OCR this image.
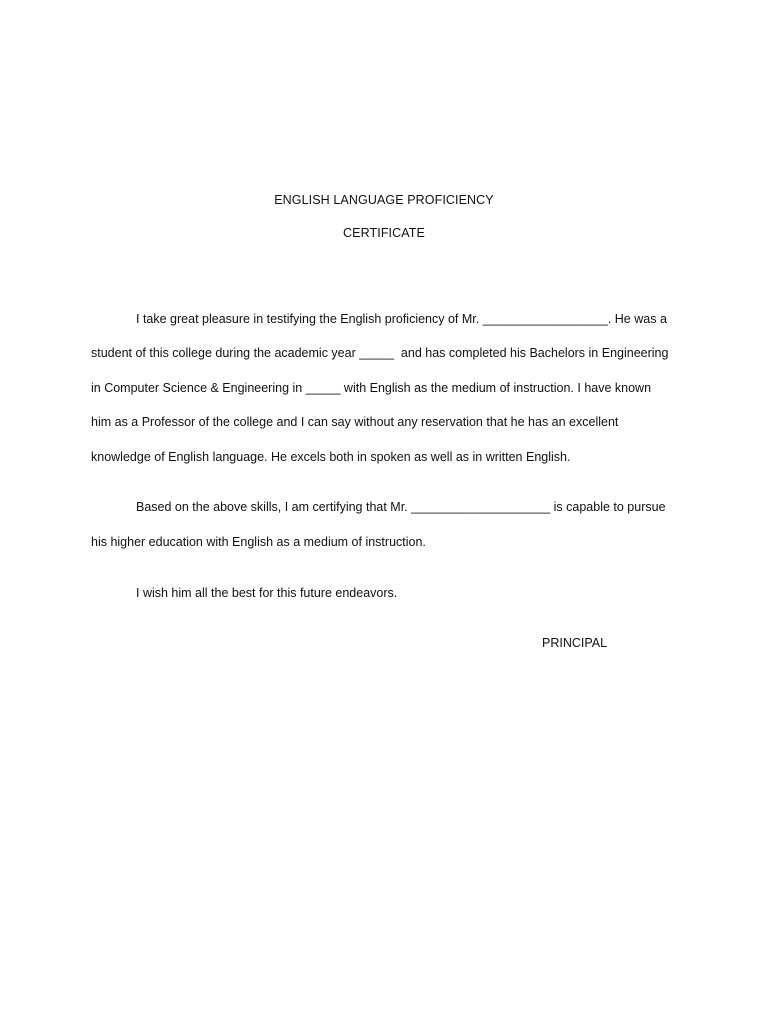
ENGLISH LANGUAGE PROFICIENCY
CERTIFICATE
I take great pleasure in testifying the English proficiency of Mr. __________________. He was a
student of this college during the academic year _____  and has completed his Bachelors in Engineering
in Computer Science & Engineering in _____ with English as the medium of instruction. I have known
him as a Professor of the college and I can say without any reservation that he has an excellent
knowledge of English language. He excels both in spoken as well as in written English.
Based on the above skills, I am certifying that Mr. ____________________ is capable to pursue
his higher education with English as a medium of instruction.
I wish him all the best for this future endeavors.
PRINCIPAL
